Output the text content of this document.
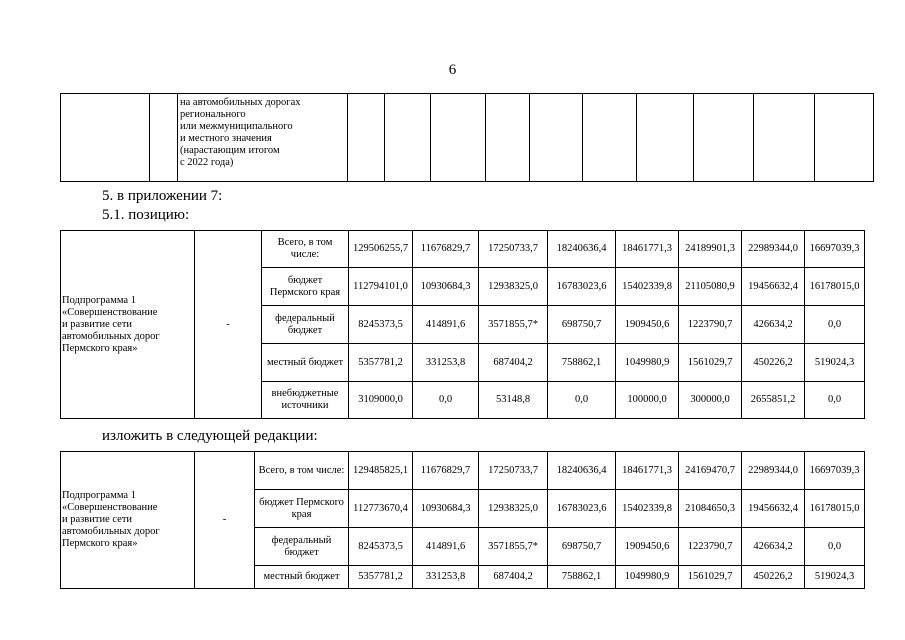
6

на автомобильных дорогах
регионального
или межмуниципального
и местного значения
(нарастающим итогом
с 2022 года)

5. в приложении 7:
5.1. позицию:
Подпрограмма 1
«Совершенствование
и развитие сети
автомобильных дорог
Пермского края»	-	Всего, в том числе:	129506255,7	11676829,7	17250733,7	18240636,4	18461771,3	24189901,3	22989344,0	16697039,3
		бюджет Пермского края	112794101,0	10930684,3	12938325,0	16783023,6	15402339,8	21105080,9	19456632,4	16178015,0
		федеральный бюджет	8245373,5	414891,6	3571855,7*	698750,7	1909450,6	1223790,7	426634,2	0,0
		местный бюджет	5357781,2	331253,8	687404,2	758862,1	1049980,9	1561029,7	450226,2	519024,3
		внебюджетные источники	3109000,0	0,0	53148,8	0,0	100000,0	300000,0	2655851,2	0,0
изложить в следующей редакции:
Подпрограмма 1
«Совершенствование
и развитие сети
автомобильных дорог
Пермского края»	-	Всего, в том числе:	129485825,1	11676829,7	17250733,7	18240636,4	18461771,3	24169470,7	22989344,0	16697039,3
		бюджет Пермского края	112773670,4	10930684,3	12938325,0	16783023,6	15402339,8	21084650,3	19456632,4	16178015,0
		федеральный бюджет	8245373,5	414891,6	3571855,7*	698750,7	1909450,6	1223790,7	426634,2	0,0
		местный бюджет	5357781,2	331253,8	687404,2	758862,1	1049980,9	1561029,7	450226,2	519024,3
